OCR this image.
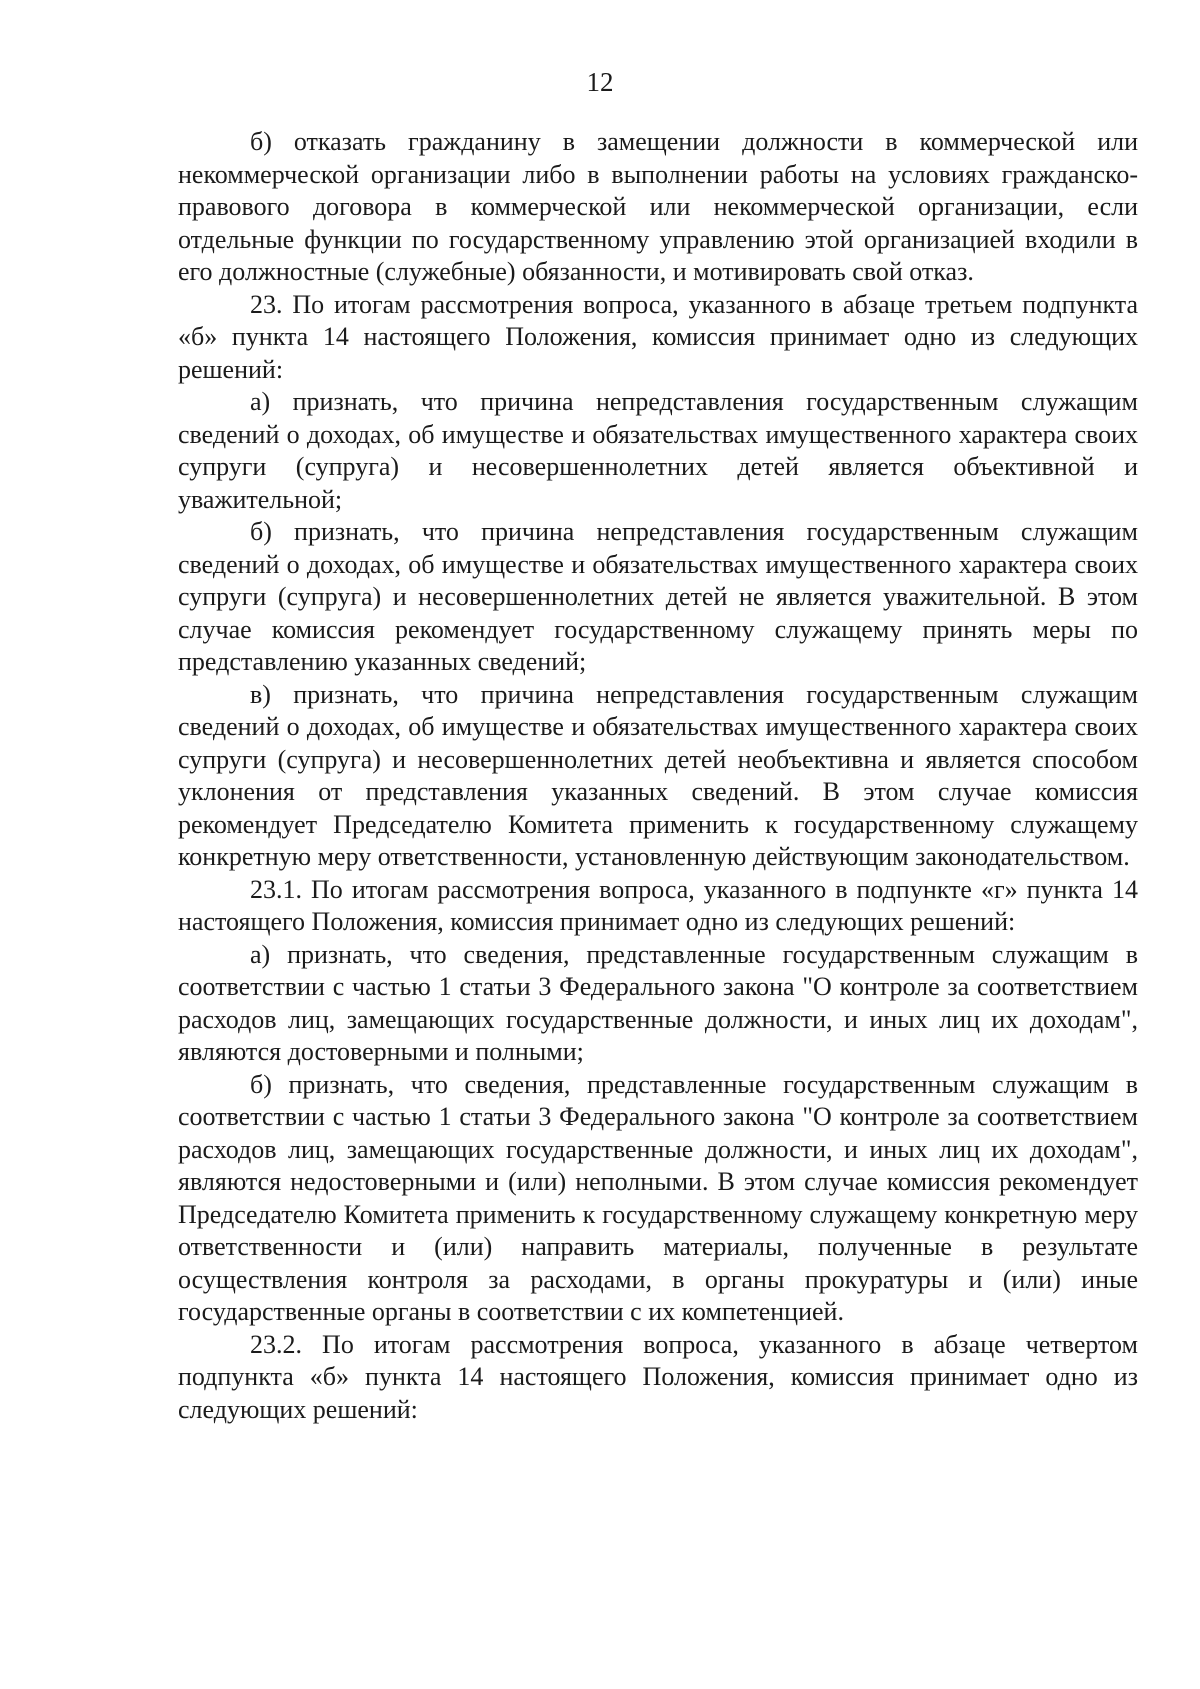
12

б) отказать гражданину в замещении должности в коммерческой или некоммерческой организации либо в выполнении работы на условиях гражданско-правового договора в коммерческой или некоммерческой организации, если отдельные функции по государственному управлению этой организацией входили в его должностные (служебные) обязанности, и мотивировать свой отказ.

23. По итогам рассмотрения вопроса, указанного в абзаце третьем подпункта «б» пункта 14 настоящего Положения, комиссия принимает одно из следующих решений:

а) признать, что причина непредставления государственным служащим сведений о доходах, об имуществе и обязательствах имущественного характера своих супруги (супруга) и несовершеннолетних детей является объективной и уважительной;

б) признать, что причина непредставления государственным служащим сведений о доходах, об имуществе и обязательствах имущественного характера своих супруги (супруга) и несовершеннолетних детей не является уважительной. В этом случае комиссия рекомендует государственному служащему принять меры по представлению указанных сведений;

в) признать, что причина непредставления государственным служащим сведений о доходах, об имуществе и обязательствах имущественного характера своих супруги (супруга) и несовершеннолетних детей необъективна и является способом уклонения от представления указанных сведений. В этом случае комиссия рекомендует Председателю Комитета применить к государственному служащему конкретную меру ответственности, установленную действующим законодательством.

23.1. По итогам рассмотрения вопроса, указанного в подпункте «г» пункта 14 настоящего Положения, комиссия принимает одно из следующих решений:

а) признать, что сведения, представленные государственным служащим в соответствии с частью 1 статьи 3 Федерального закона "О контроле за соответствием расходов лиц, замещающих государственные должности, и иных лиц их доходам", являются достоверными и полными;

б) признать, что сведения, представленные государственным служащим в соответствии с частью 1 статьи 3 Федерального закона "О контроле за соответствием расходов лиц, замещающих государственные должности, и иных лиц их доходам", являются недостоверными и (или) неполными. В этом случае комиссия рекомендует Председателю Комитета применить к государственному служащему конкретную меру ответственности и (или) направить материалы, полученные в результате осуществления контроля за расходами, в органы прокуратуры и (или) иные государственные органы в соответствии с их компетенцией.

23.2. По итогам рассмотрения вопроса, указанного в абзаце четвертом подпункта «б» пункта 14 настоящего Положения, комиссия принимает одно из следующих решений:
